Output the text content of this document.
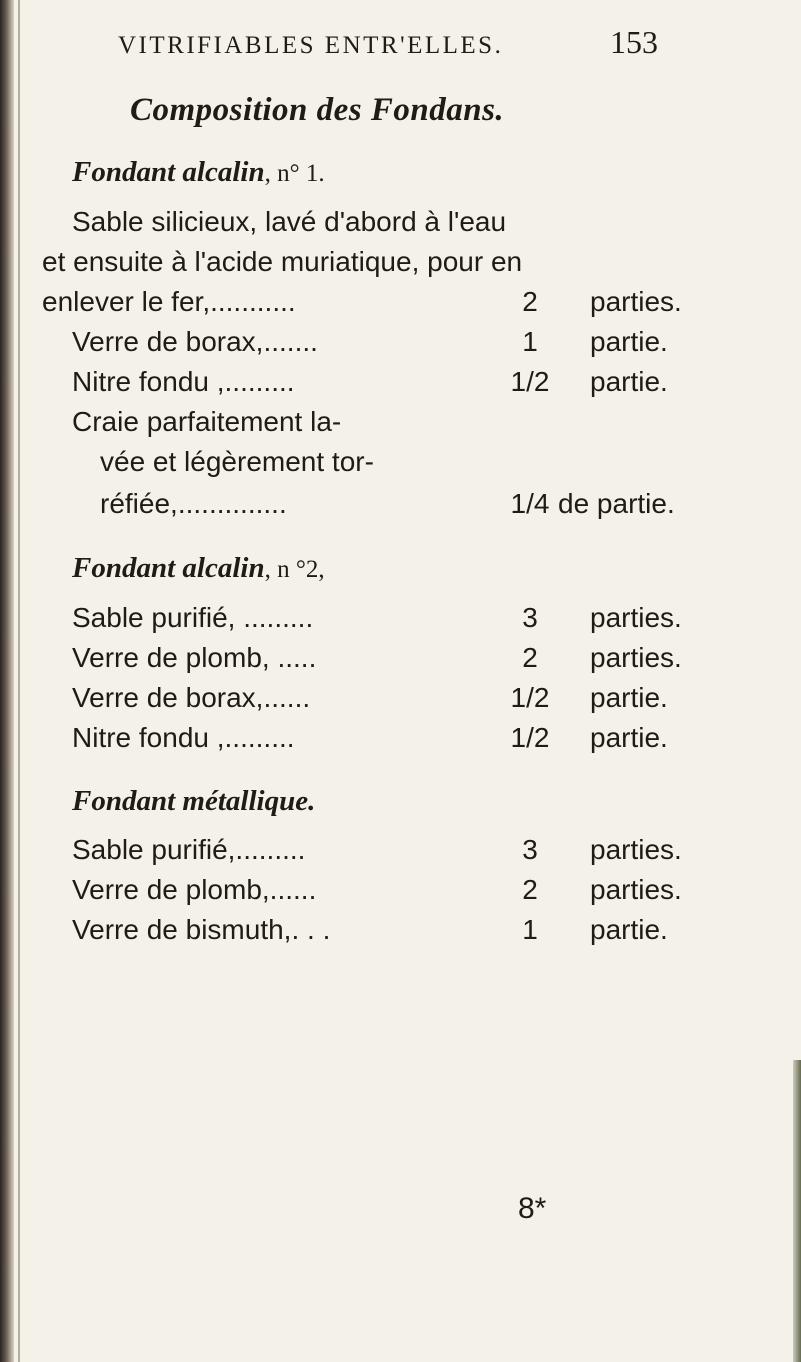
VITRIFIABLES ENTR'ELLES.	153
Composition des Fondans.
Fondant alcalin, n° 1.
Sable silicieux, lavé d'abord à l'eau
et ensuite à l'acide muriatique, pour en
enlever le fer,...........	2	parties.
Verre de borax,.......	1	partie.
Nitre fondu ,.........	1/2 partie.
Craie parfaitement la-
vée et légèrement tor-
réfiée,..............	1/4 de partie.
Fondant alcalin, n °2,
Sable purifié, .........	3	parties.
Verre de plomb, .....	2	parties.
Verre de borax,......	1/2 partie.
Nitre fondu ,.........	1/2 partie.
Fondant métallique.
Sable purifié,.........	3	parties.
Verre de plomb,......	2	parties.
Verre de bismuth,. . .	1	partie.
8*
